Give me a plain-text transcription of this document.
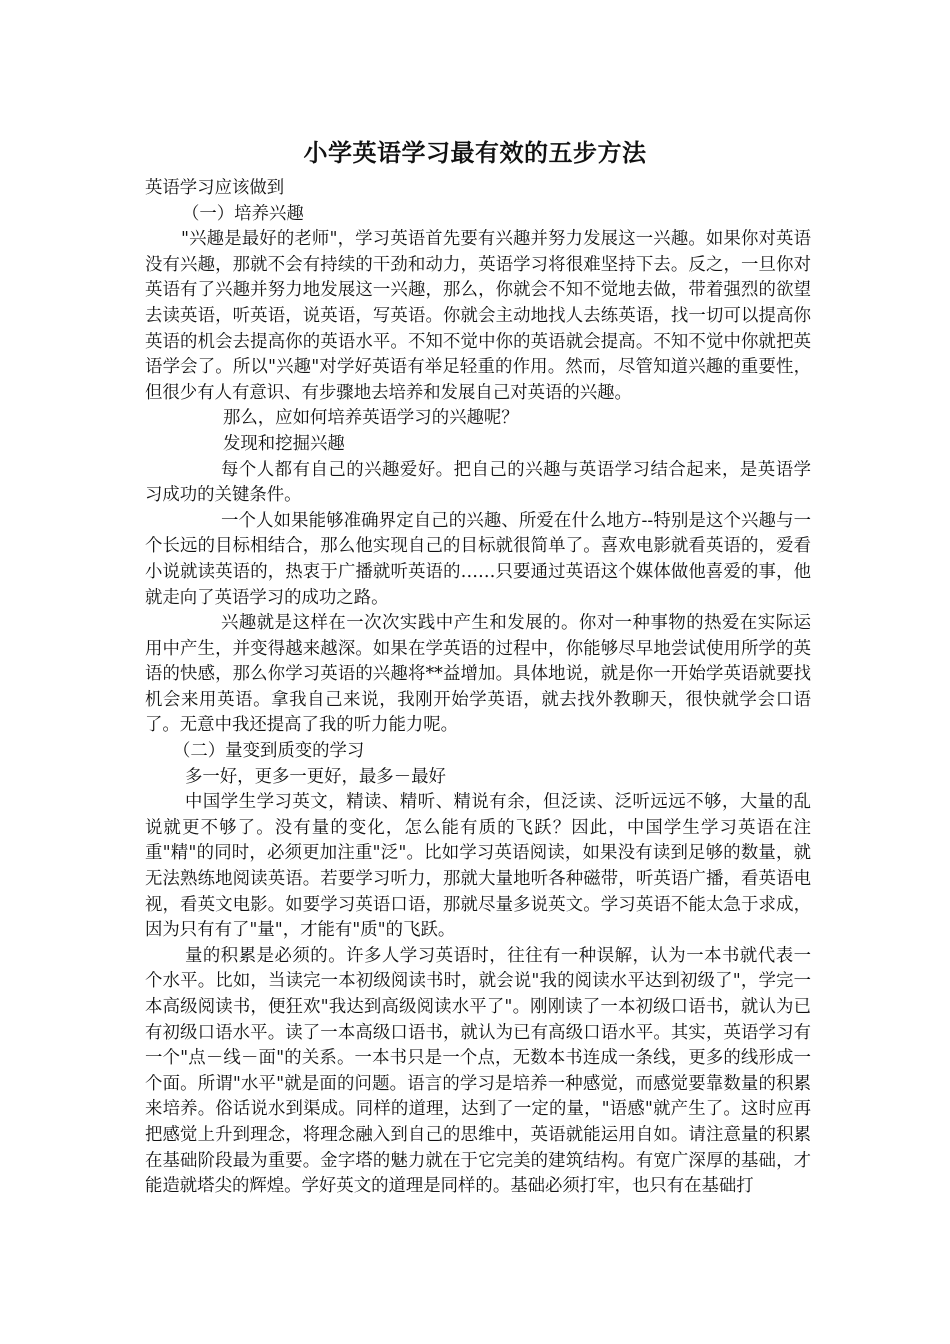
小学英语学习最有效的五步方法

英语学习应该做到

（一）培养兴趣

"兴趣是最好的老师"，学习英语首先要有兴趣并努力发展这一兴趣。如果你对英语没有兴趣，那就不会有持续的干劲和动力，英语学习将很难坚持下去。反之，一旦你对英语有了兴趣并努力地发展这一兴趣，那么，你就会不知不觉地去做，带着强烈的欲望去读英语，听英语，说英语，写英语。你就会主动地找人去练英语，找一切可以提高你英语的机会去提高你的英语水平。不知不觉中你的英语就会提高。不知不觉中你就把英语学会了。所以"兴趣"对学好英语有举足轻重的作用。然而，尽管知道兴趣的重要性，但很少有人有意识、有步骤地去培养和发展自己对英语的兴趣。

那么，应如何培养英语学习的兴趣呢？

发现和挖掘兴趣

每个人都有自己的兴趣爱好。把自己的兴趣与英语学习结合起来，是英语学习成功的关键条件。

一个人如果能够准确界定自己的兴趣、所爱在什么地方--特别是这个兴趣与一个长远的目标相结合，那么他实现自己的目标就很简单了。喜欢电影就看英语的，爱看小说就读英语的，热衷于广播就听英语的……只要通过英语这个媒体做他喜爱的事，他就走向了英语学习的成功之路。

兴趣就是这样在一次次实践中产生和发展的。你对一种事物的热爱在实际运用中产生，并变得越来越深。如果在学英语的过程中，你能够尽早地尝试使用所学的英语的快感，那么你学习英语的兴趣将**益增加。具体地说，就是你一开始学英语就要找机会来用英语。拿我自己来说，我刚开始学英语，就去找外教聊天，很快就学会口语了。无意中我还提高了我的听力能力呢。

（二）量变到质变的学习

多一好，更多一更好，最多－最好

中国学生学习英文，精读、精听、精说有余，但泛读、泛听远远不够，大量的乱说就更不够了。没有量的变化，怎么能有质的飞跃？因此，中国学生学习英语在注重"精"的同时，必须更加注重"泛"。比如学习英语阅读，如果没有读到足够的数量，就无法熟练地阅读英语。若要学习听力，那就大量地听各种磁带，听英语广播，看英语电视，看英文电影。如要学习英语口语，那就尽量多说英文。学习英语不能太急于求成，因为只有有了"量"，才能有"质"的飞跃。

量的积累是必须的。许多人学习英语时，往往有一种误解，认为一本书就代表一个水平。比如，当读完一本初级阅读书时，就会说"我的阅读水平达到初级了"，学完一本高级阅读书，便狂欢"我达到高级阅读水平了"。刚刚读了一本初级口语书，就认为已有初级口语水平。读了一本高级口语书，就认为已有高级口语水平。其实，英语学习有一个"点－线－面"的关系。一本书只是一个点，无数本书连成一条线，更多的线形成一个面。所谓"水平"就是面的问题。语言的学习是培养一种感觉，而感觉要靠数量的积累来培养。俗话说水到渠成。同样的道理，达到了一定的量，"语感"就产生了。这时应再把感觉上升到理念，将理念融入到自己的思维中，英语就能运用自如。请注意量的积累在基础阶段最为重要。金字塔的魅力就在于它完美的建筑结构。有宽广深厚的基础，才能造就塔尖的辉煌。学好英文的道理是同样的。基础必须打牢，也只有在基础打
